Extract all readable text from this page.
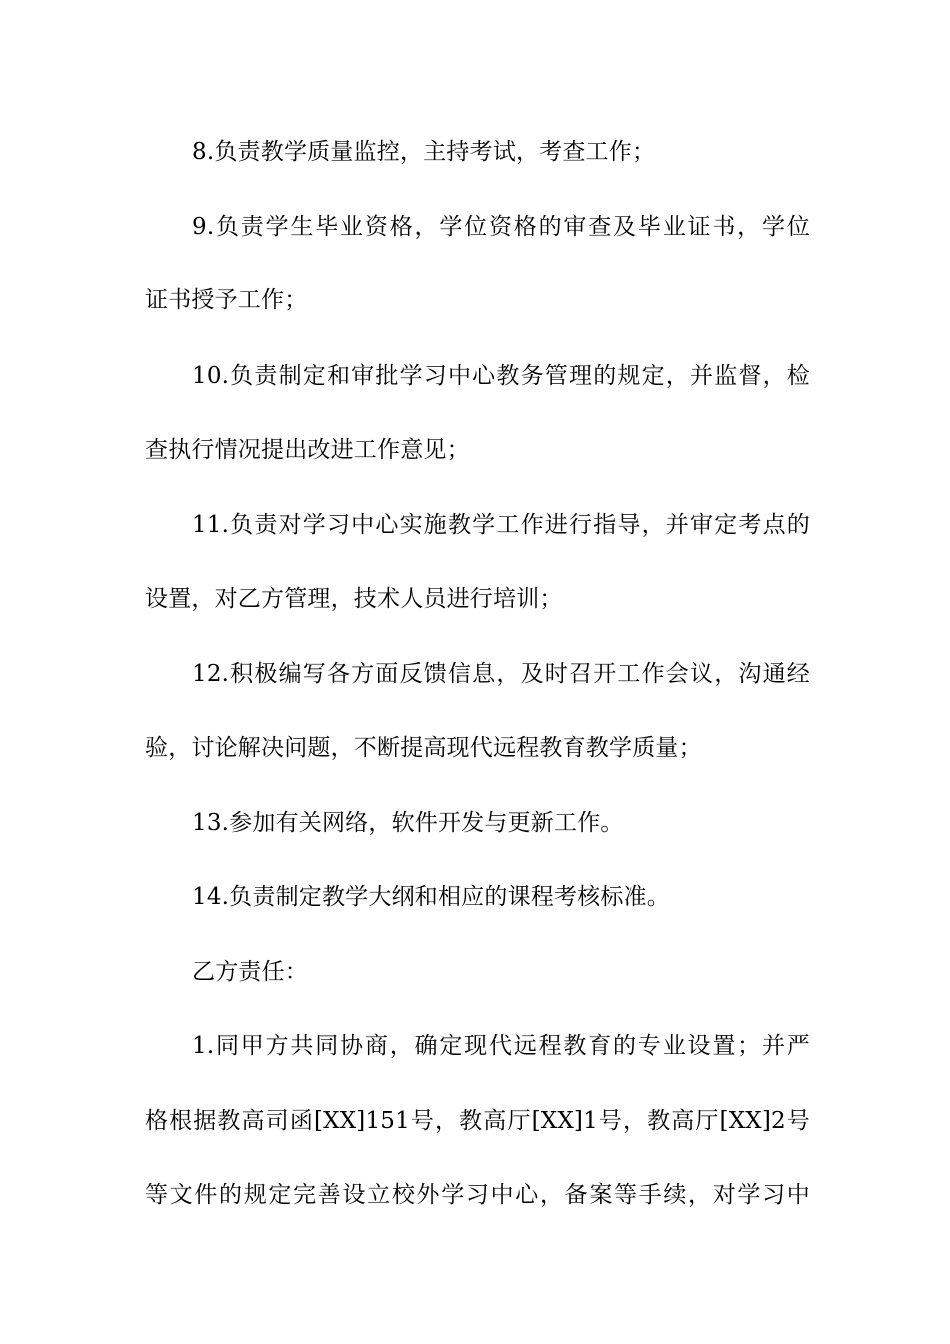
8.负责教学质量监控，主持考试，考查工作；
9.负责学生毕业资格，学位资格的审查及毕业证书，学位
证书授予工作；
10.负责制定和审批学习中心教务管理的规定，并监督，检
查执行情况提出改进工作意见；
11.负责对学习中心实施教学工作进行指导，并审定考点的
设置，对乙方管理，技术人员进行培训；
12.积极编写各方面反馈信息，及时召开工作会议，沟通经
验，讨论解决问题，不断提高现代远程教育教学质量；
13.参加有关网络，软件开发与更新工作。
14.负责制定教学大纲和相应的课程考核标准。
乙方责任：
1.同甲方共同协商，确定现代远程教育的专业设置；并严
格根据教高司函[XX]151号，教高厅[XX]1号，教高厅[XX]2号
等文件的规定完善设立校外学习中心，备案等手续，对学习中
